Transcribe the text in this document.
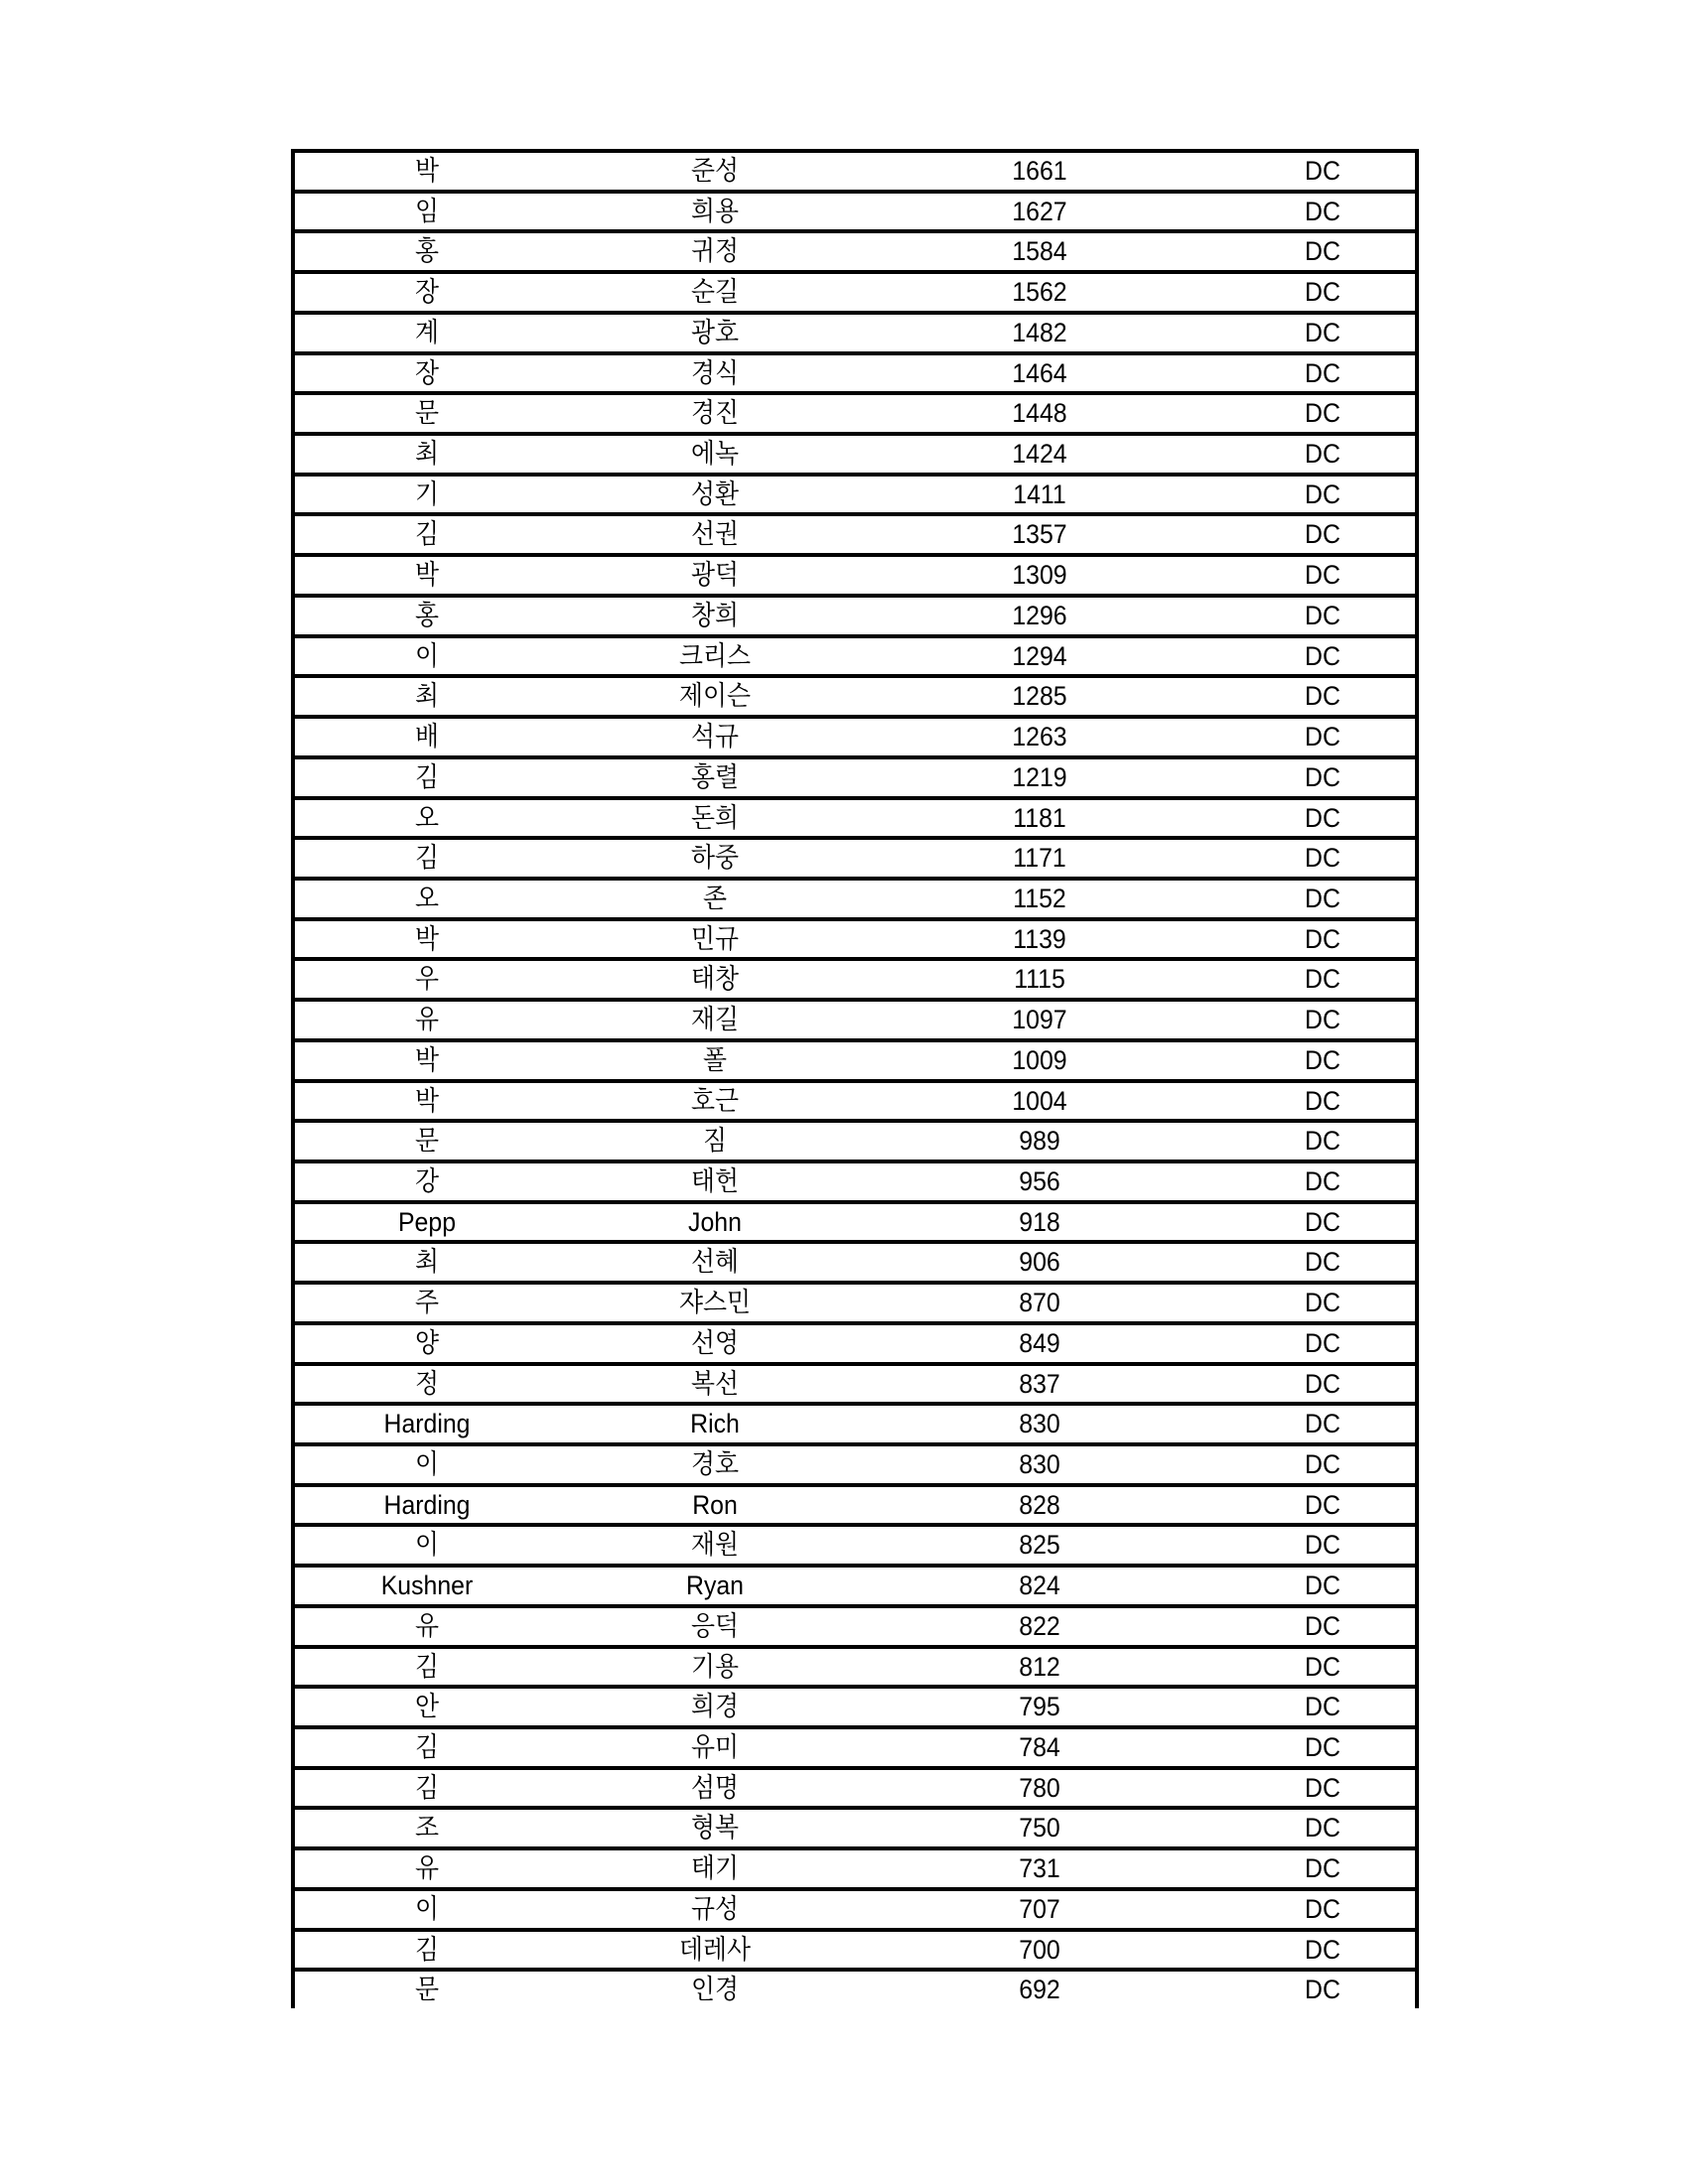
박	준성	1661	DC
임	희용	1627	DC
홍	귀정	1584	DC
장	순길	1562	DC
계	광호	1482	DC
장	경식	1464	DC
문	경진	1448	DC
최	에녹	1424	DC
기	성환	1411	DC
김	선권	1357	DC
박	광덕	1309	DC
홍	창희	1296	DC
이	크리스	1294	DC
최	제이슨	1285	DC
배	석규	1263	DC
김	홍렬	1219	DC
오	돈희	1181	DC
김	하중	1171	DC
오	존	1152	DC
박	민규	1139	DC
우	태창	1115	DC
유	재길	1097	DC
박	폴	1009	DC
박	호근	1004	DC
문	짐	989	DC
강	태헌	956	DC
Pepp	John	918	DC
최	선혜	906	DC
주	쟈스민	870	DC
양	선영	849	DC
정	복선	837	DC
Harding	Rich	830	DC
이	경호	830	DC
Harding	Ron	828	DC
이	재원	825	DC
Kushner	Ryan	824	DC
유	응덕	822	DC
김	기용	812	DC
안	희경	795	DC
김	유미	784	DC
김	섬명	780	DC
조	형복	750	DC
유	태기	731	DC
이	규성	707	DC
김	데레사	700	DC
문	인경	692	DC
